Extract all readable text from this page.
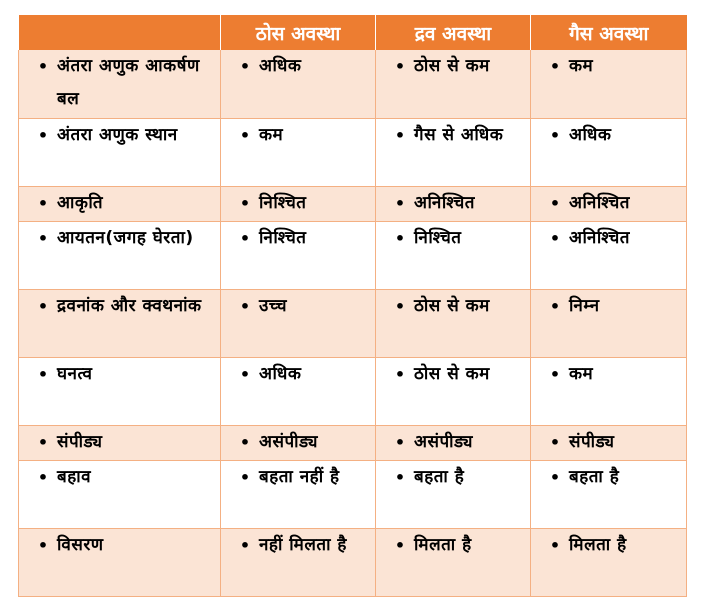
	ठोस अवस्था	द्रव अवस्था	गैस अवस्था

• अंतरा अणुक आकर्षण बल	• अधिक	• ठोस से कम	• कम

• अंतरा अणुक स्थान	• कम	• गैस से अधिक	• अधिक

• आकृति	• निश्चित	• अनिश्चित	• अनिश्चित

• आयतन(जगह घेरता)	• निश्चित	• निश्चित	• अनिश्चित

• द्रवनांक और क्वथनांक	• उच्च	• ठोस से कम	• निम्न

• घनत्व	• अधिक	• ठोस से कम	• कम

• संपीड्य	• असंपीड्य	• असंपीड्य	• संपीड्य

• बहाव	• बहता नहीं है	• बहता है	• बहता है

• विसरण	• नहीं मिलता है	• मिलता है	• मिलता है
